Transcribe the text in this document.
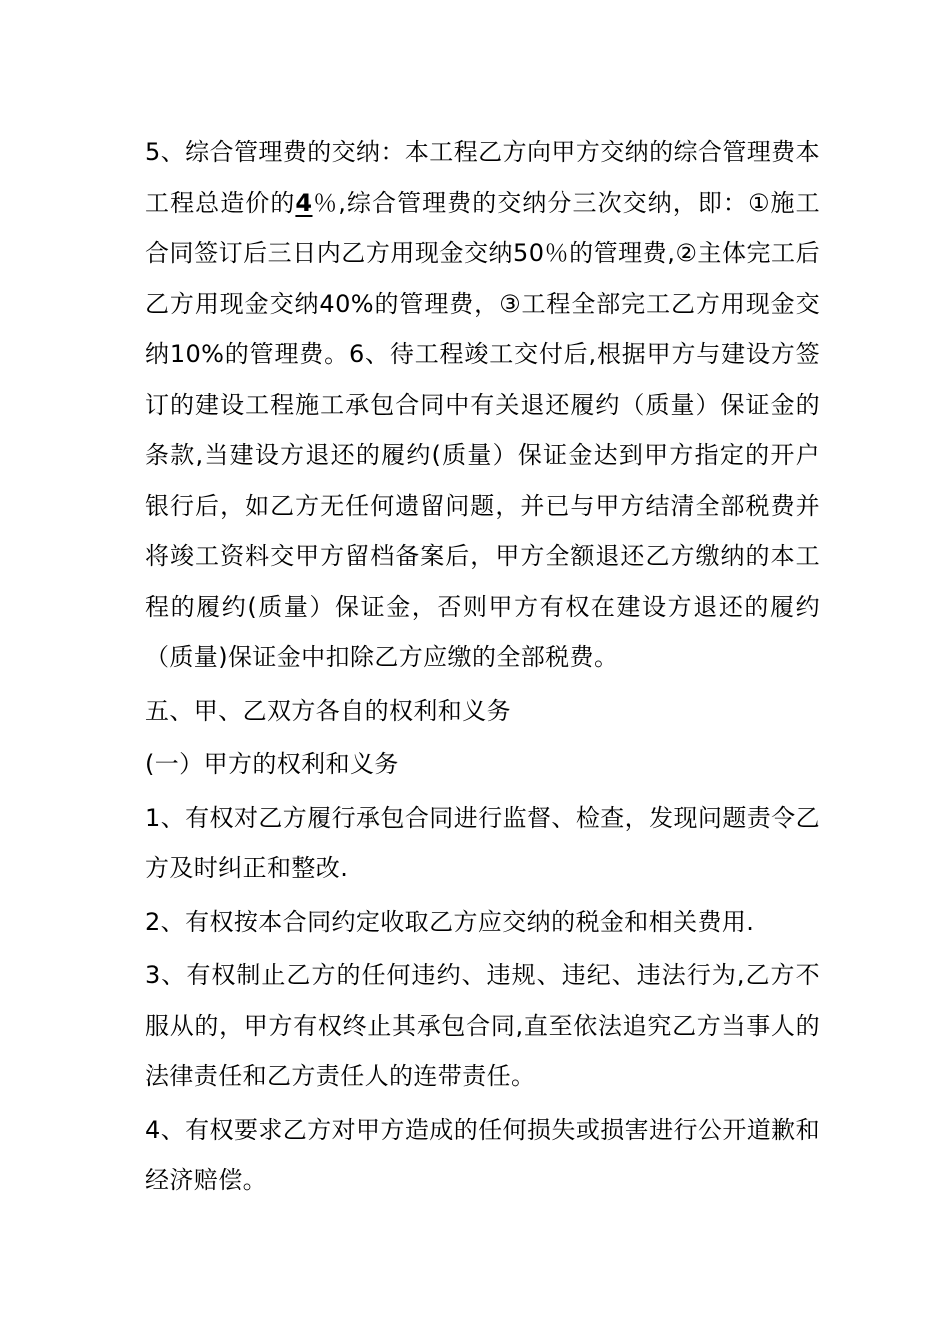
5、综合管理费的交纳：本工程乙方向甲方交纳的综合管理费本工程总造价的4％,综合管理费的交纳分三次交纳，即：①施工合同签订后三日内乙方用现金交纳50％的管理费,②主体完工后乙方用现金交纳40%的管理费，③工程全部完工乙方用现金交纳10%的管理费。6、待工程竣工交付后,根据甲方与建设方签订的建设工程施工承包合同中有关退还履约（质量）保证金的条款,当建设方退还的履约(质量）保证金达到甲方指定的开户银行后，如乙方无任何遗留问题，并已与甲方结清全部税费并将竣工资料交甲方留档备案后，甲方全额退还乙方缴纳的本工程的履约(质量）保证金，否则甲方有权在建设方退还的履约（质量)保证金中扣除乙方应缴的全部税费。

五、甲、乙双方各自的权利和义务

(一）甲方的权利和义务

1、有权对乙方履行承包合同进行监督、检查，发现问题责令乙方及时纠正和整改.

2、有权按本合同约定收取乙方应交纳的税金和相关费用.

3、有权制止乙方的任何违约、违规、违纪、违法行为,乙方不服从的，甲方有权终止其承包合同,直至依法追究乙方当事人的法律责任和乙方责任人的连带责任。

4、有权要求乙方对甲方造成的任何损失或损害进行公开道歉和经济赔偿。
